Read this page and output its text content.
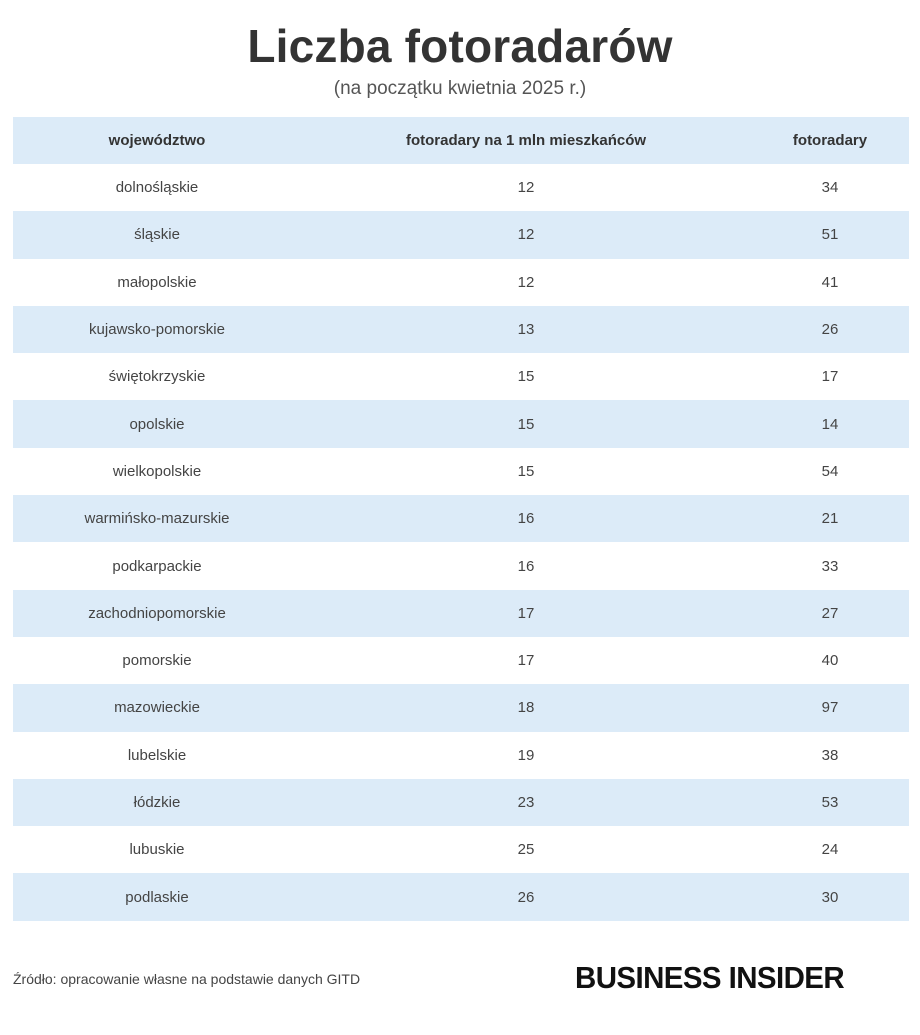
Liczba fotoradarów
(na początku kwietnia 2025 r.)
województwo	fotoradary na 1 mln mieszkańców	fotoradary
dolnośląskie	12	34
śląskie	12	51
małopolskie	12	41
kujawsko-pomorskie	13	26
świętokrzyskie	15	17
opolskie	15	14
wielkopolskie	15	54
warmińsko-mazurskie	16	21
podkarpackie	16	33
zachodniopomorskie	17	27
pomorskie	17	40
mazowieckie	18	97
lubelskie	19	38
łódzkie	23	53
lubuskie	25	24
podlaskie	26	30
Źródło: opracowanie własne na podstawie danych GITD	BUSINESS INSIDER
